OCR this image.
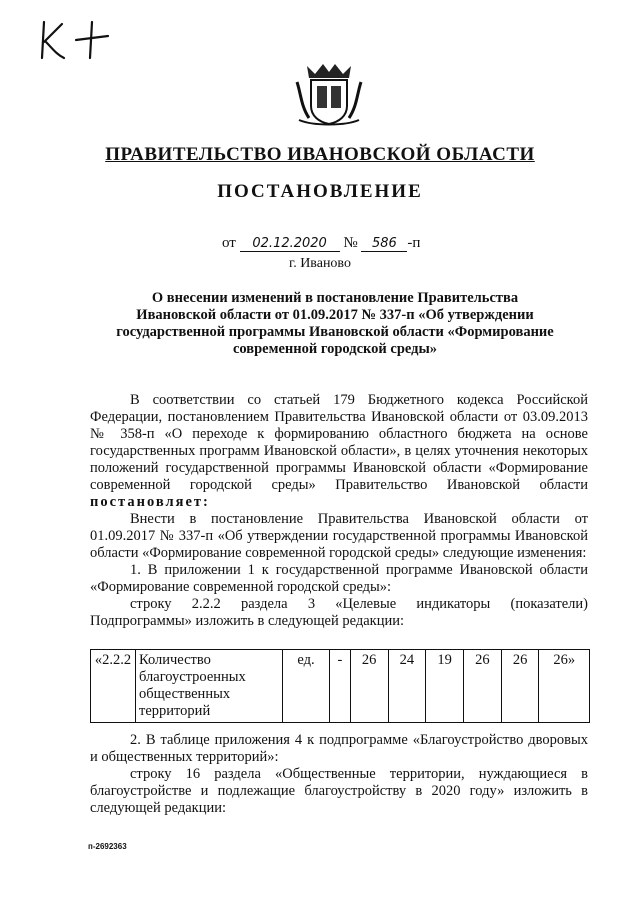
К+
ПРАВИТЕЛЬСТВО ИВАНОВСКОЙ ОБЛАСТИ
ПОСТАНОВЛЕНИЕ
от 02.12.2020 № 586 -п
г. Иваново
О внесении изменений в постановление Правительства
Ивановской области от 01.09.2017 № 337-п «Об утверждении
государственной программы Ивановской области «Формирование
современной городской среды»

В соответствии со статьей 179 Бюджетного кодекса Российской Федерации, постановлением Правительства Ивановской области от 03.09.2013 № 358-п «О переходе к формированию областного бюджета на основе государственных программ Ивановской области», в целях уточнения некоторых положений государственной программы Ивановской области «Формирование современной городской среды» Правительство Ивановской области постановляет:

Внести в постановление Правительства Ивановской области от 01.09.2017 № 337-п «Об утверждении государственной программы Ивановской области «Формирование современной городской среды» следующие изменения:

1. В приложении 1 к государственной программе Ивановской области «Формирование современной городской среды»:

строку 2.2.2 раздела 3 «Целевые индикаторы (показатели) Подпрограммы» изложить в следующей редакции:

«2.2.2	Количество благоустроенных общественных территорий	ед.	-	26	24	19	26	26	26»

2. В таблице приложения 4 к подпрограмме «Благоустройство дворовых и общественных территорий»:

строку 16 раздела «Общественные территории, нуждающиеся в благоустройстве и подлежащие благоустройству в 2020 году» изложить в следующей редакции:

п-2692363
